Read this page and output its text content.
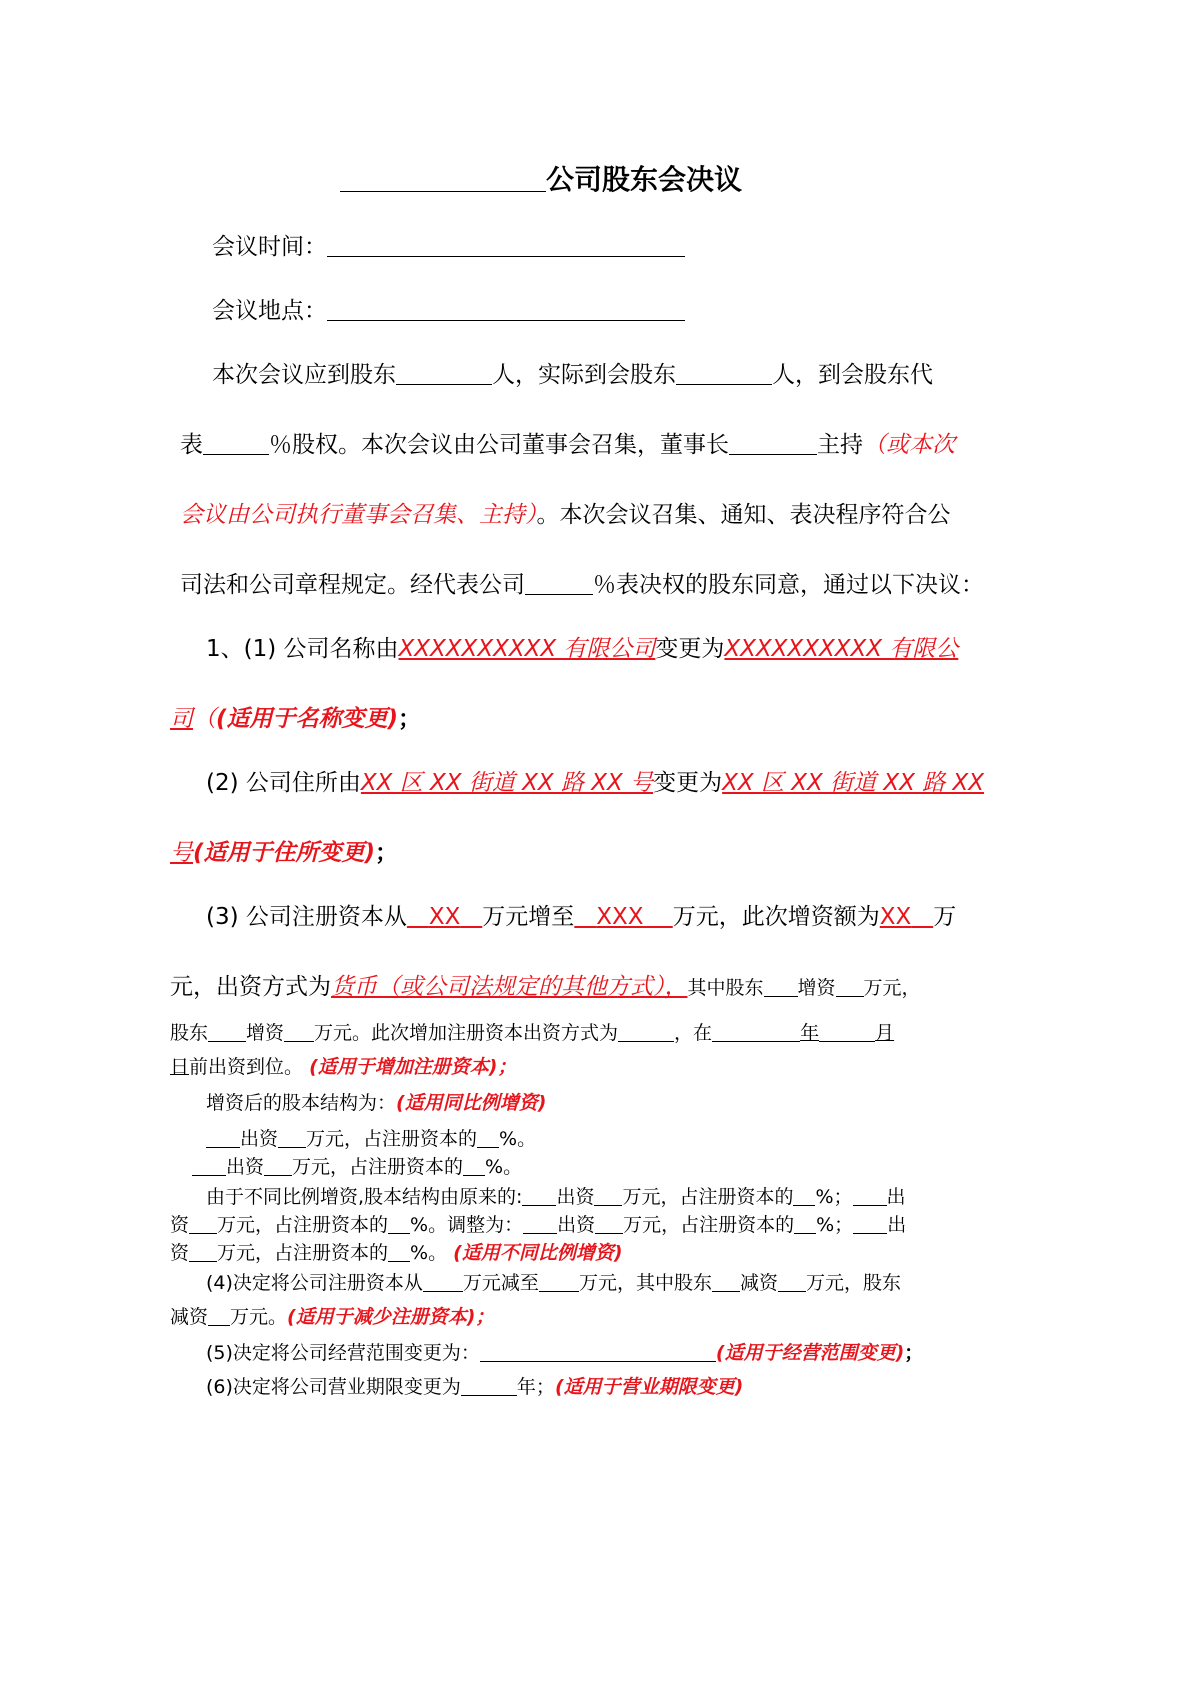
公司股东会决议
会议时间：
会议地点：
本次会议应到股东	人，实际到会股东	人，到会股东代
表	％股权。本次会议由公司董事会召集，董事长	主持（或本次
会议由公司执行董事会召集、主持）。本次会议召集、通知、表决程序符合公
司法和公司章程规定。经代表公司	％表决权的股东同意，通过以下决议：
1、(1) 公司名称由XXXXXXXXXX 有限公司变更为XXXXXXXXXX 有限公
司（(适用于名称变更)；
(2) 公司住所由XX 区 XX 街道 XX 路 XX 号变更为XX 区 XX 街道 XX 路 XX
号(适用于住所变更)；
(3) 公司注册资本从 XX 万元增至 XXX 万元，此次增资额为XX 万
元，出资方式为货币（或公司法规定的其他方式），其中股东 增资 万元，
股东 增资 万元。此次增加注册资本出资方式为	，在	年	月
日前出资到位。 (适用于增加注册资本)；
增资后的股本结构为：(适用同比例增资)
出资 万元，占注册资本的 %。
出资 万元，占注册资本的 %。
由于不同比例增资,股本结构由原来的: 出资 万元，占注册资本的 %； 出
资 万元，占注册资本的 %。调整为： 出资 万元，占注册资本的 %； 出
资 万元，占注册资本的 %。 (适用不同比例增资)
(4)决定将公司注册资本从 万元减至 万元，其中股东 减资 万元，股东
减资 万元。(适用于减少注册资本)；
(5)决定将公司经营范围变更为：	(适用于经营范围变更)；
(6)决定将公司营业期限变更为	年；(适用于营业期限变更)
